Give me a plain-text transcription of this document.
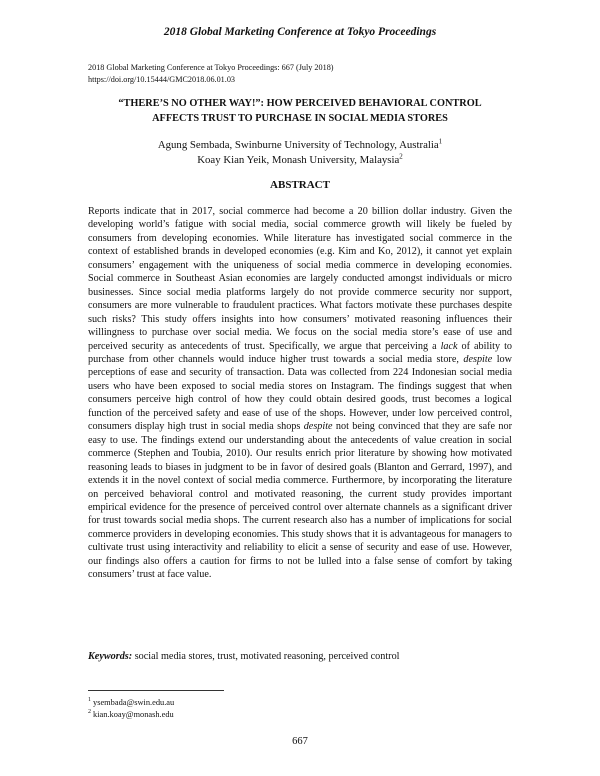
2018 Global Marketing Conference at Tokyo Proceedings
2018 Global Marketing Conference at Tokyo Proceedings: 667 (July 2018)
https://doi.org/10.15444/GMC2018.06.01.03
“THERE’S NO OTHER WAY!”: HOW PERCEIVED BEHAVIORAL CONTROL
AFFECTS TRUST TO PURCHASE IN SOCIAL MEDIA STORES
Agung Sembada, Swinburne University of Technology, Australia$^1$
Koay Kian Yeik, Monash University, Malaysia$^2$
ABSTRACT

Reports indicate that in 2017, social commerce had become a 20 billion dollar industry. Given the developing world’s fatigue with social media, social commerce growth will likely be fueled by consumers from developing economies. While literature has investigated social commerce in the context of established brands in developed economies (e.g. Kim and Ko, 2012), it cannot yet explain consumers’ engagement with the uniqueness of social media commerce in developing economies. Social commerce in Southeast Asian economies are largely conducted amongst individuals or micro businesses. Since social media platforms largely do not provide commerce security nor support, consumers are more vulnerable to fraudulent practices. What factors motivate these purchases despite such risks? This study offers insights into how consumers’ motivated reasoning influences their willingness to purchase over social media. We focus on the social media store’s ease of use and perceived security as antecedents of trust. Specifically, we argue that perceiving a lack of ability to purchase from other channels would induce higher trust towards a social media store, despite low perceptions of ease and security of transaction. Data was collected from 224 Indonesian social media users who have been exposed to social media stores on Instagram. The findings suggest that when consumers perceive high control of how they could obtain desired goods, trust becomes a logical function of the perceived safety and ease of use of the shops. However, under low perceived control, consumers display high trust in social media shops despite not being convinced that they are safe nor easy to use. The findings extend our understanding about the antecedents of value creation in social commerce (Stephen and Toubia, 2010). Our results enrich prior literature by showing how motivated reasoning leads to biases in judgment to be in favor of desired goals (Blanton and Gerrard, 1997), and extends it in the novel context of social media commerce. Furthermore, by incorporating the literature on perceived behavioral control and motivated reasoning, the current study provides important empirical evidence for the presence of perceived control over alternate channels as a significant driver for trust towards social media shops. The current research also has a number of implications for social commerce providers in developing economies. This study shows that it is advantageous for managers to cultivate trust using interactivity and reliability to elicit a sense of security and ease of use. However, our findings also offers a caution for firms to not be lulled into a false sense of comfort by taking consumers’ trust at face value.

Keywords: social media stores, trust, motivated reasoning, perceived control
$^1$ ysembada@swin.edu.au
$^2$ kian.koay@monash.edu
667
